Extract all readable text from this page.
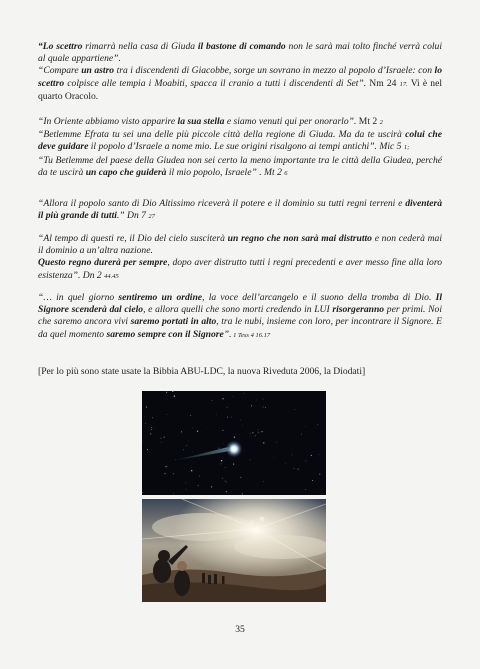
“Lo scettro rimarrà nella casa di Giuda il bastone di comando non le sarà mai tolto finché verrà colui al quale appartiene”.
“Compare un astro tra i discendenti di Giacobbe, sorge un sovrano in mezzo al popolo d’Israele: con lo scettro colpisce alle tempia i Moabiti, spacca il cranio a tutti i discendenti di Set”. Nm 24 17. Vi è nel quarto Oracolo.
“In Oriente abbiamo visto apparire la sua stella e siamo venuti qui per onorarlo”. Mt 2 2
“Betlemme Efrata tu sei una delle più piccole città della regione di Giuda. Ma da te uscirà colui che deve guidare il popolo d’Israele a nome mio. Le sue origini risalgono ai tempi antichi”. Mic 5 1;
“Tu Betlemme del paese della Giudea non sei certo la meno importante tra le città della Giudea, perché da te uscirà un capo che guiderà il mio popolo, Israele” . Mt 2 6
“Allora il popolo santo di Dio Altissimo riceverà il potere e il dominio su tutti regni terreni e diventerà il più grande di tutti.” Dn 7 27
“Al tempo di questi re, il Dio del cielo susciterà un regno che non sarà mai distrutto e non cederà mai il dominio a un’altra nazione.
Questo regno durerà per sempre, dopo aver distrutto tutti i regni precedenti e aver messo fine alla loro esistenza”. Dn 2 44.45
“… in quel giorno sentiremo un ordine, la voce dell’arcangelo e il suono della tromba di Dio. Il Signore scenderà dal cielo, e allora quelli che sono morti credendo in LUI risorgeranno per primi. Noi che saremo ancora vivi saremo portati in alto, tra le nubi, insieme con loro, per incontrare il Signore. E da quel momento saremo sempre con il Signore”. 1 Tess 4 16.17
[Per lo più sono state usate la Bibbia ABU-LDC, la nuova Riveduta 2006, la Diodati]
35
